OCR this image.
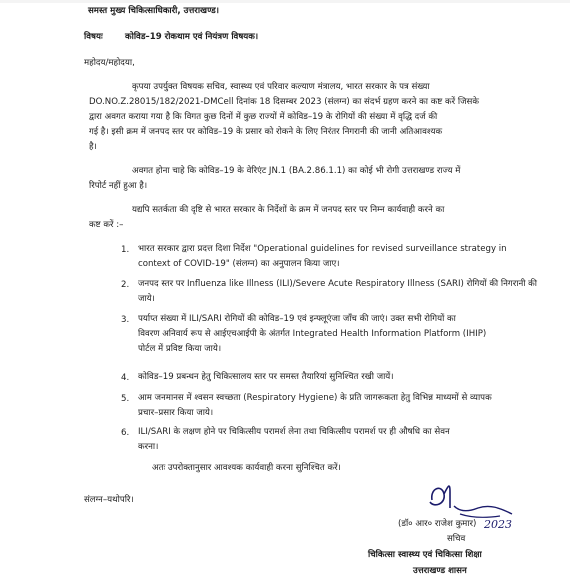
समस्त मुख्य चिकित्साधिकारी, उत्तराखण्ड।
विषयः	कोविड–19 रोकथाम एवं नियंत्रण विषयक।
महोदय/महोदया,
कृपया उपर्युक्त विषयक सचिव, स्वास्थ्य एवं परिवार कल्याण मंत्रालय, भारत सरकार के पत्र संख्या
DO.NO.Z.28015/182/2021-DMCell दिनांक 18 दिसम्बर 2023 (संलग्न) का संदर्भ ग्रहण करने का कष्ट करें जिसके
द्वारा अवगत कराया गया है कि विगत कुछ दिनों में कुछ राज्यों में कोविड–19 के रोगियों की संख्या में वृद्धि दर्ज की
गई है। इसी क्रम में जनपद स्तर पर कोविड–19 के प्रसार को रोकने के लिए निरंतर निगरानी की जानी अतिआवश्यक
है।
अवगत होना चाहे कि कोविड–19 के वेरिएंट JN.1 (BA.2.86.1.1) का कोई भी रोगी उत्तराखण्ड राज्य में
रिपोर्ट नहीं हुआ है।
यद्यपि सतर्कता की दृष्टि से भारत सरकार के निर्देशों के क्रम में जनपद स्तर पर निम्न कार्यवाही करने का
कष्ट करें :–
1. भारत सरकार द्वारा प्रदत्त दिशा निर्देश "Operational guidelines for revised surveillance strategy in
context of COVID-19" (संलग्न) का अनुपालन किया जाए।
2. जनपद स्तर पर Influenza like Illness (ILI)/Severe Acute Respiratory Illness (SARI) रोगियों की निगरानी की
जाये।
3. पर्याप्त संख्या में ILI/SARI रोगियों की कोविड–19 एवं इन्फ्लूएंजा जाँच की जाएं। उक्त सभी रोगियों का
विवरण अनिवार्य रूप से आईएचआईपी के अंतर्गत Integrated Health Information Platform (IHIP)
पोर्टल में प्रविष्ट किया जाये।
4. कोविड–19 प्रबन्धन हेतु चिकित्सालय स्तर पर समस्त तैयारियां सुनिश्चित रखी जायें।
5. आम जनमानस में श्वसन स्वच्छता (Respiratory Hygiene) के प्रति जागरूकता हेतु विभिन्न माध्यमों से व्यापक
प्रचार–प्रसार किया जाये।
6. ILI/SARI के लक्षण होने पर चिकित्सीय परामर्श लेना तथा चिकित्सीय परामर्श पर ही औषधि का सेवन
करना।
अतः उपरोक्तानुसार आवश्यक कार्यवाही करना सुनिश्चित करें।
संलग्न–यथोपरि।
2023
(डॉ० आर० राजेश कुमार)
सचिव
चिकित्सा स्वास्थ्य एवं चिकित्सा शिक्षा
उत्तराखण्ड शासन
